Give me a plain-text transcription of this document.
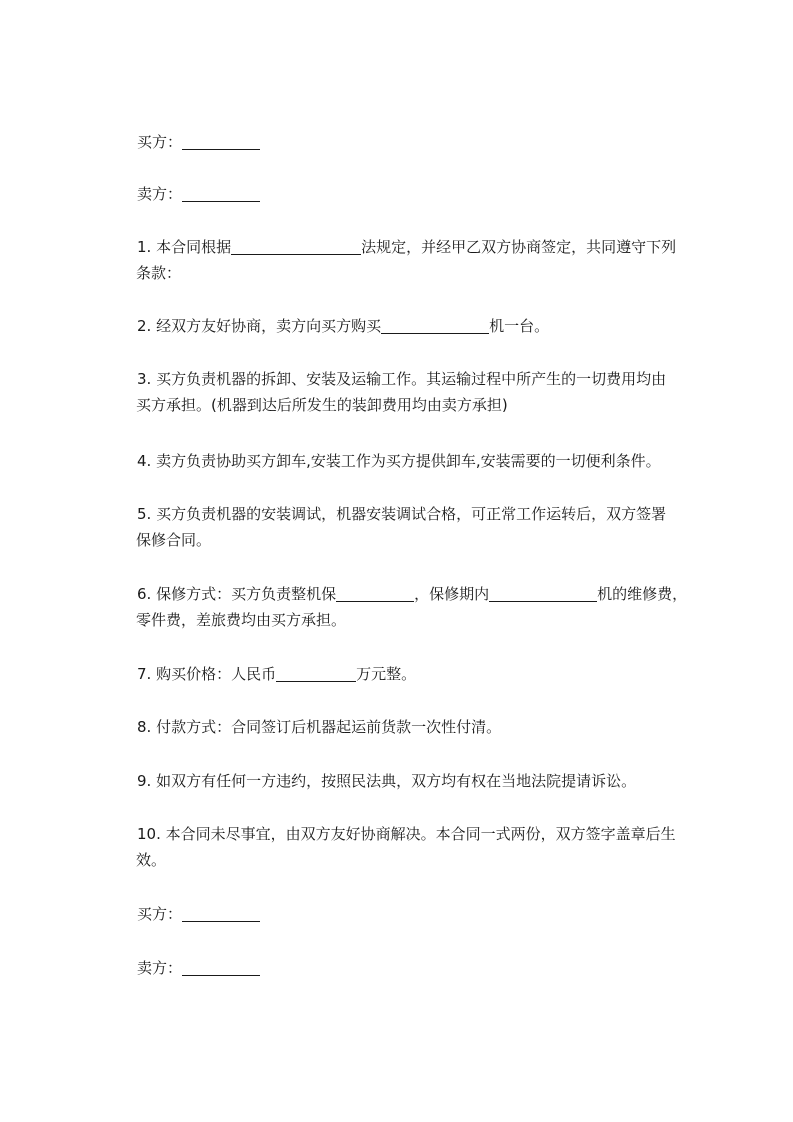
买方：
卖方：
1. 本合同根据	法规定，并经甲乙双方协商签定，共同遵守下列
条款：
2. 经双方友好协商，卖方向买方购买	机一台。
3. 买方负责机器的拆卸、安装及运输工作。其运输过程中所产生的一切费用均由
买方承担。(机器到达后所发生的装卸费用均由卖方承担)
4. 卖方负责协助买方卸车,安装工作为买方提供卸车,安装需要的一切便利条件。
5. 买方负责机器的安装调试，机器安装调试合格，可正常工作运转后，双方签署
保修合同。
6. 保修方式：买方负责整机保	，保修期内	机的维修费，
零件费，差旅费均由买方承担。
7. 购买价格：人民币	万元整。
8. 付款方式：合同签订后机器起运前货款一次性付清。
9. 如双方有任何一方违约，按照民法典，双方均有权在当地法院提请诉讼。
10. 本合同未尽事宜，由双方友好协商解决。本合同一式两份，双方签字盖章后生
效。
买方：
卖方：
